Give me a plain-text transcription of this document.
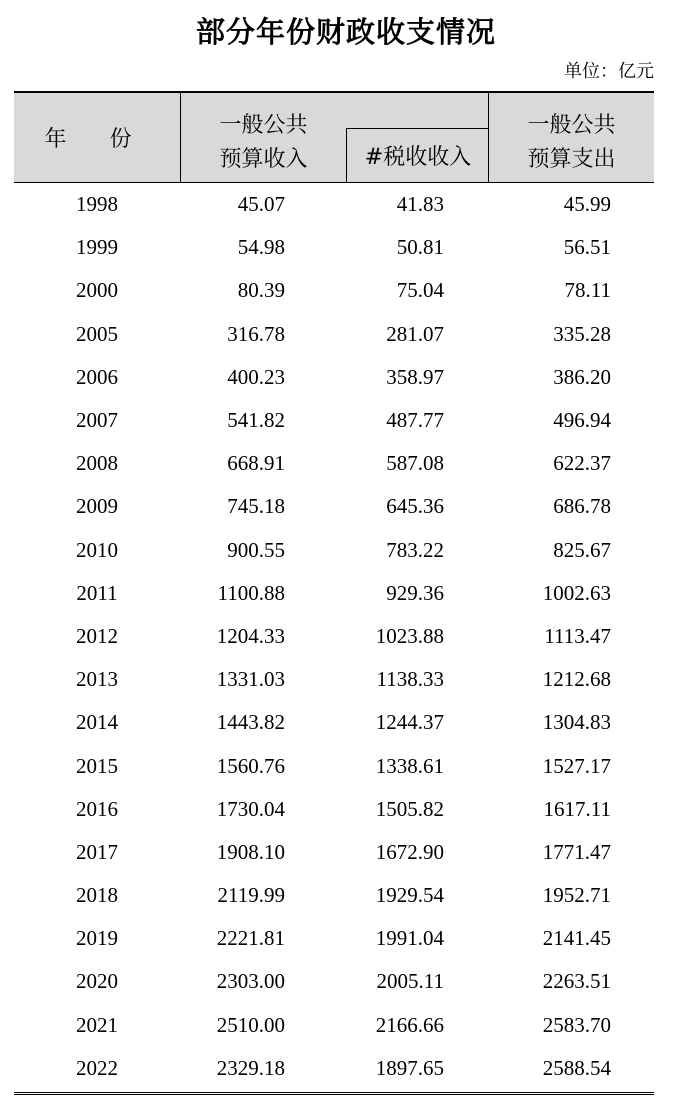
部分年份财政收支情况
单位：亿元
年 份
一般公共
预算收入	#税收收入
一般公共
预算支出
1998	45.07	41.83	45.99
1999	54.98	50.81	56.51
2000	80.39	75.04	78.11
2005	316.78	281.07	335.28
2006	400.23	358.97	386.20
2007	541.82	487.77	496.94
2008	668.91	587.08	622.37
2009	745.18	645.36	686.78
2010	900.55	783.22	825.67
2011	1100.88	929.36	1002.63
2012	1204.33	1023.88	1113.47
2013	1331.03	1138.33	1212.68
2014	1443.82	1244.37	1304.83
2015	1560.76	1338.61	1527.17
2016	1730.04	1505.82	1617.11
2017	1908.10	1672.90	1771.47
2018	2119.99	1929.54	1952.71
2019	2221.81	1991.04	2141.45
2020	2303.00	2005.11	2263.51
2021	2510.00	2166.66	2583.70
2022	2329.18	1897.65	2588.54
